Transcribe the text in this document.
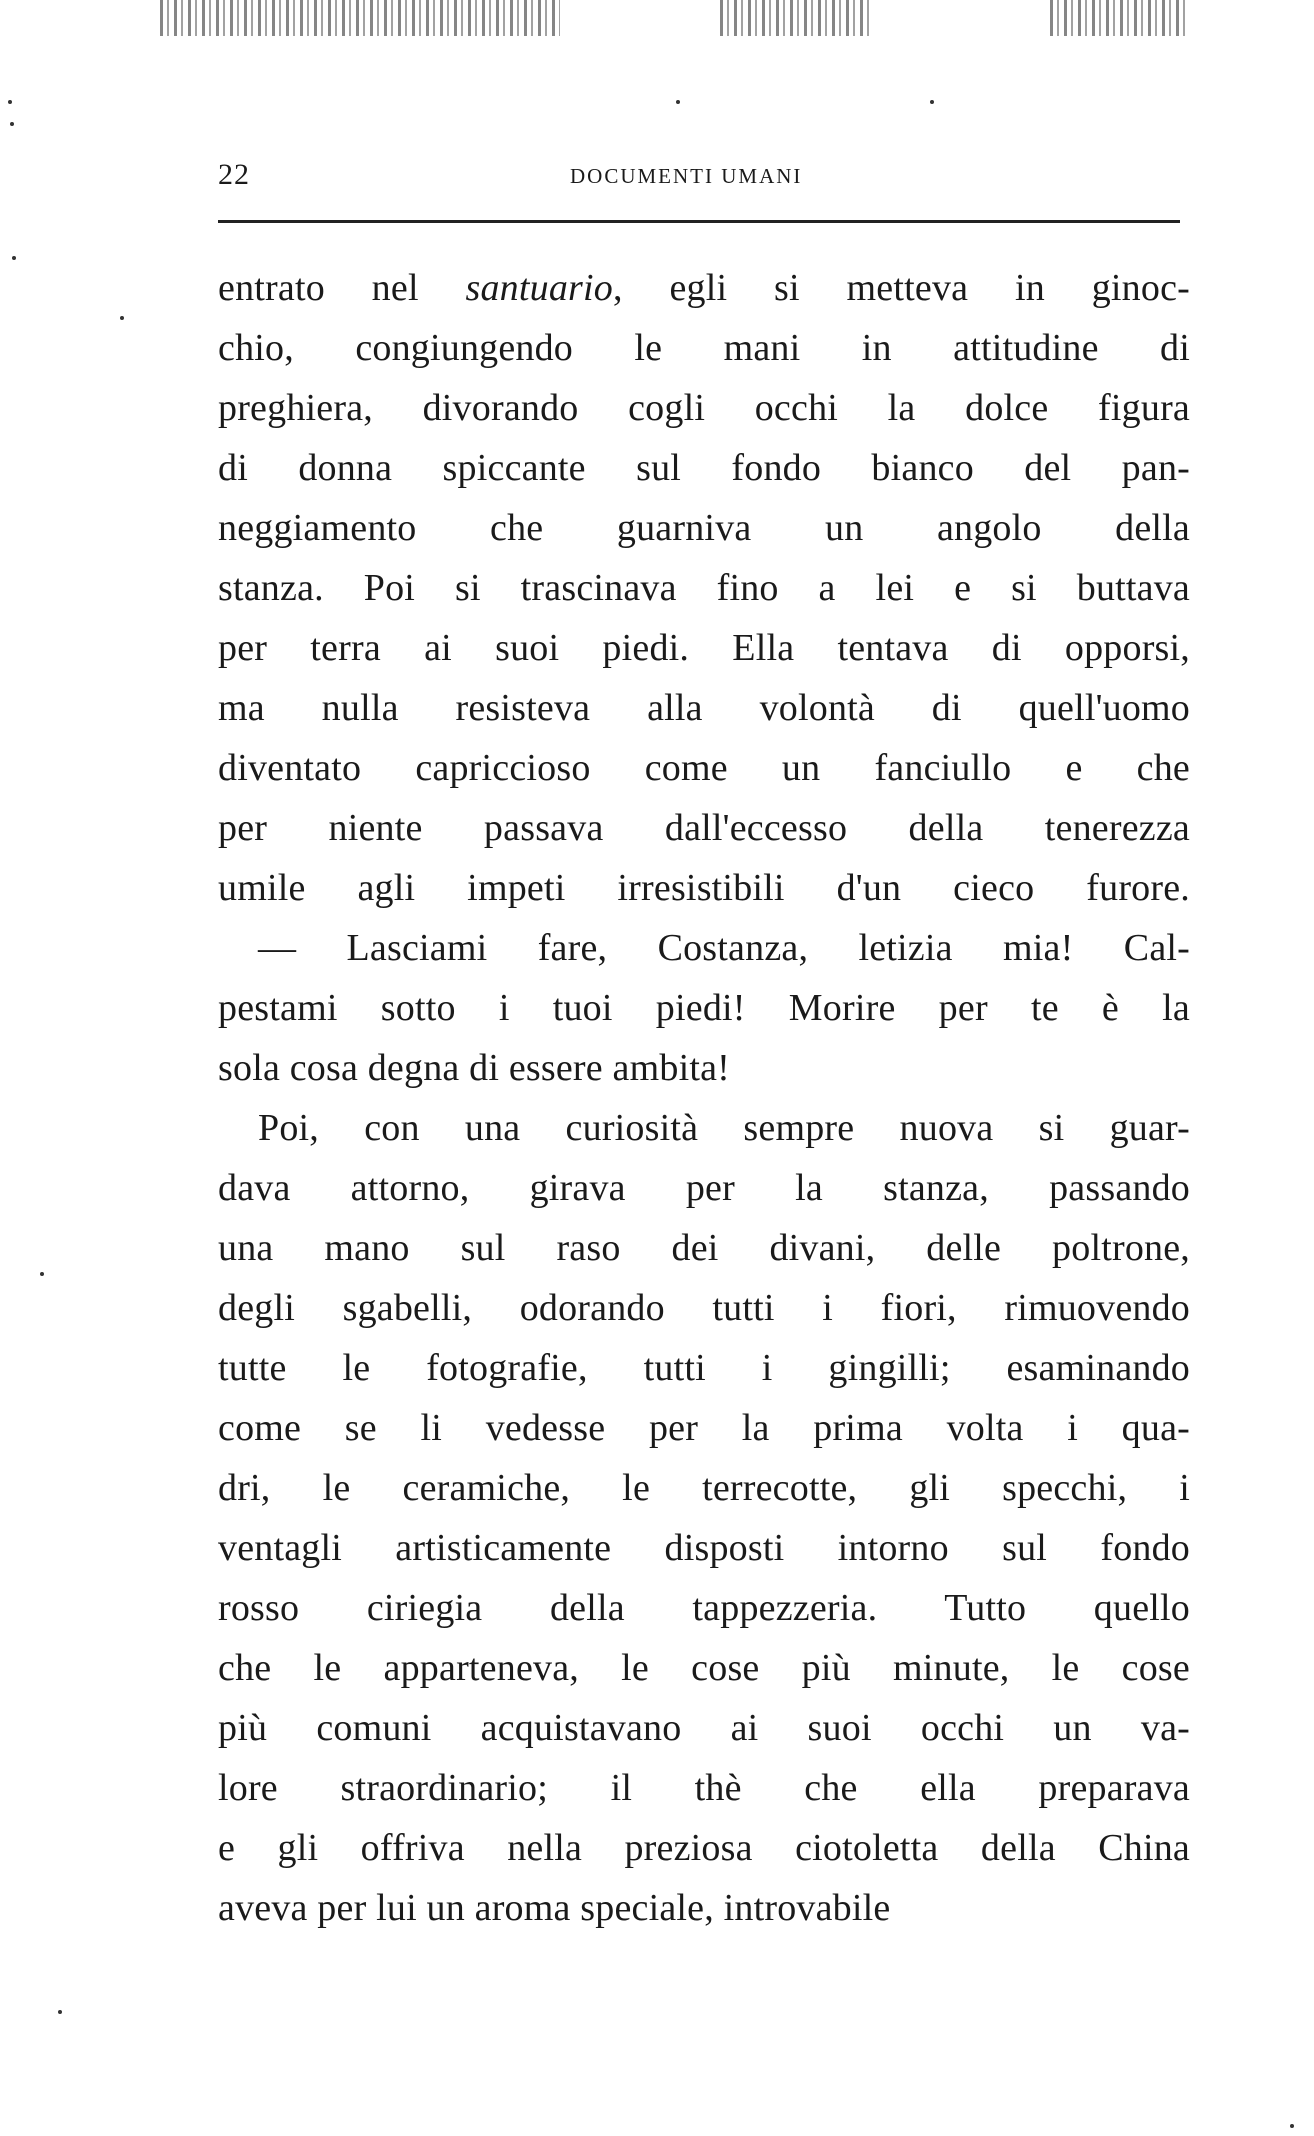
22	DOCUMENTI UMANI
entrato nel santuario, egli si metteva in ginoc-
chio, congiungendo le mani in attitudine di
preghiera, divorando cogli occhi la dolce figura
di donna spiccante sul fondo bianco del pan-
neggiamento che guarniva un angolo della
stanza. Poi si trascinava fino a lei e si buttava
per terra ai suoi piedi. Ella tentava di opporsi,
ma nulla resisteva alla volontà di quell'uomo
diventato capriccioso come un fanciullo e che
per niente passava dall'eccesso della tenerezza
umile agli impeti irresistibili d'un cieco furore.
— Lasciami fare, Costanza, letizia mia! Cal-
pestami sotto i tuoi piedi! Morire per te è la
sola cosa degna di essere ambita!
Poi, con una curiosità sempre nuova si guar-
dava attorno, girava per la stanza, passando
una mano sul raso dei divani, delle poltrone,
degli sgabelli, odorando tutti i fiori, rimuovendo
tutte le fotografie, tutti i gingilli; esaminando
come se li vedesse per la prima volta i qua-
dri, le ceramiche, le terrecotte, gli specchi, i
ventagli artisticamente disposti intorno sul fondo
rosso ciriegia della tappezzeria. Tutto quello
che le apparteneva, le cose più minute, le cose
più comuni acquistavano ai suoi occhi un va-
lore straordinario; il thè che ella preparava
e gli offriva nella preziosa ciotoletta della China
aveva per lui un aroma speciale, introvabile
